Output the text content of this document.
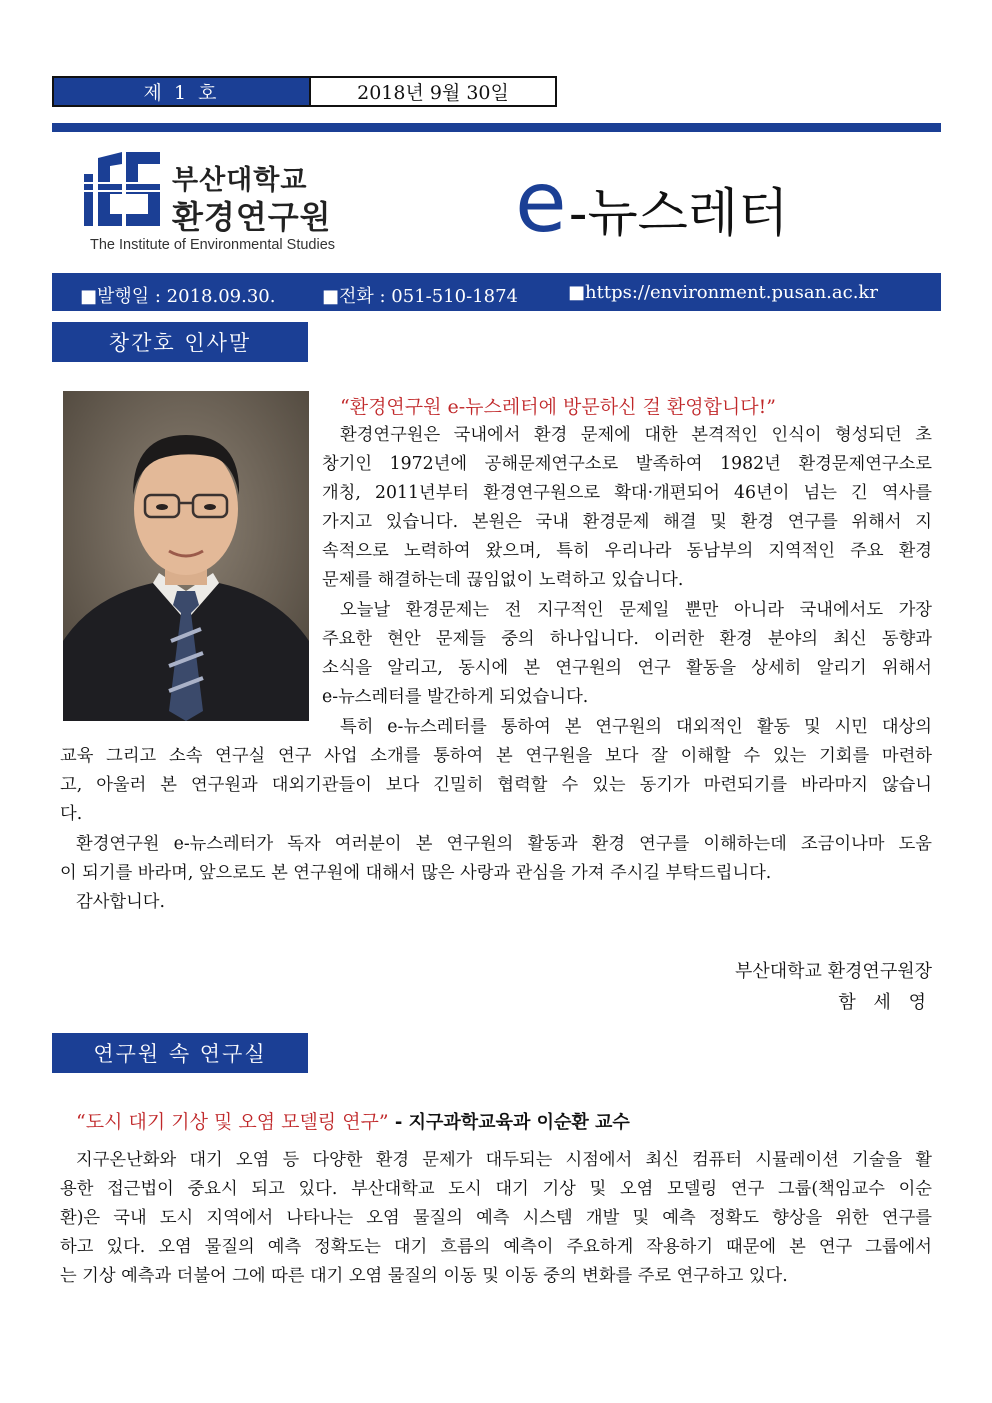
제 1 호	2018년 9월 30일
부산대학교
환경연구원
The Institute of Environmental Studies e -뉴스레터
■발행일 : 2018.09.30.	■전화 : 051-510-1874	■https://environment.pusan.ac.kr
창간호 인사말
“환경연구원 e-뉴스레터에 방문하신 걸 환영합니다!”
환경연구원은 국내에서 환경 문제에 대한 본격적인 인식이 형성되던 초
창기인 1972년에 공해문제연구소로 발족하여 1982년 환경문제연구소로
개칭, 2011년부터 환경연구원으로 확대·개편되어 46년이 넘는 긴 역사를
가지고 있습니다. 본원은 국내 환경문제 해결 및 환경 연구를 위해서 지
속적으로 노력하여 왔으며, 특히 우리나라 동남부의 지역적인 주요 환경
문제를 해결하는데 끊임없이 노력하고 있습니다.
오늘날 환경문제는 전 지구적인 문제일 뿐만 아니라 국내에서도 가장
주요한 현안 문제들 중의 하나입니다. 이러한 환경 분야의 최신 동향과
소식을 알리고, 동시에 본 연구원의 연구 활동을 상세히 알리기 위해서
e-뉴스레터를 발간하게 되었습니다.
특히 e-뉴스레터를 통하여 본 연구원의 대외적인 활동 및 시민 대상의
교육 그리고 소속 연구실 연구 사업 소개를 통하여 본 연구원을 보다 잘 이해할 수 있는 기회를 마련하
고, 아울러 본 연구원과 대외기관들이 보다 긴밀히 협력할 수 있는 동기가 마련되기를 바라마지 않습니
다.
환경연구원 e-뉴스레터가 독자 여러분이 본 연구원의 활동과 환경 연구를 이해하는데 조금이나마 도움
이 되기를 바라며, 앞으로도 본 연구원에 대해서 많은 사랑과 관심을 가져 주시길 부탁드립니다.
감사합니다.
부산대학교 환경연구원장
함 세 영
연구원 속 연구실
“도시 대기 기상 및 오염 모델링 연구” - 지구과학교육과 이순환 교수
지구온난화와 대기 오염 등 다양한 환경 문제가 대두되는 시점에서 최신 컴퓨터 시뮬레이션 기술을 활
용한 접근법이 중요시 되고 있다. 부산대학교 도시 대기 기상 및 오염 모델링 연구 그룹(책임교수 이순
환)은 국내 도시 지역에서 나타나는 오염 물질의 예측 시스템 개발 및 예측 정확도 향상을 위한 연구를
하고 있다. 오염 물질의 예측 정확도는 대기 흐름의 예측이 주요하게 작용하기 때문에 본 연구 그룹에서
는 기상 예측과 더불어 그에 따른 대기 오염 물질의 이동 및 이동 중의 변화를 주로 연구하고 있다.
